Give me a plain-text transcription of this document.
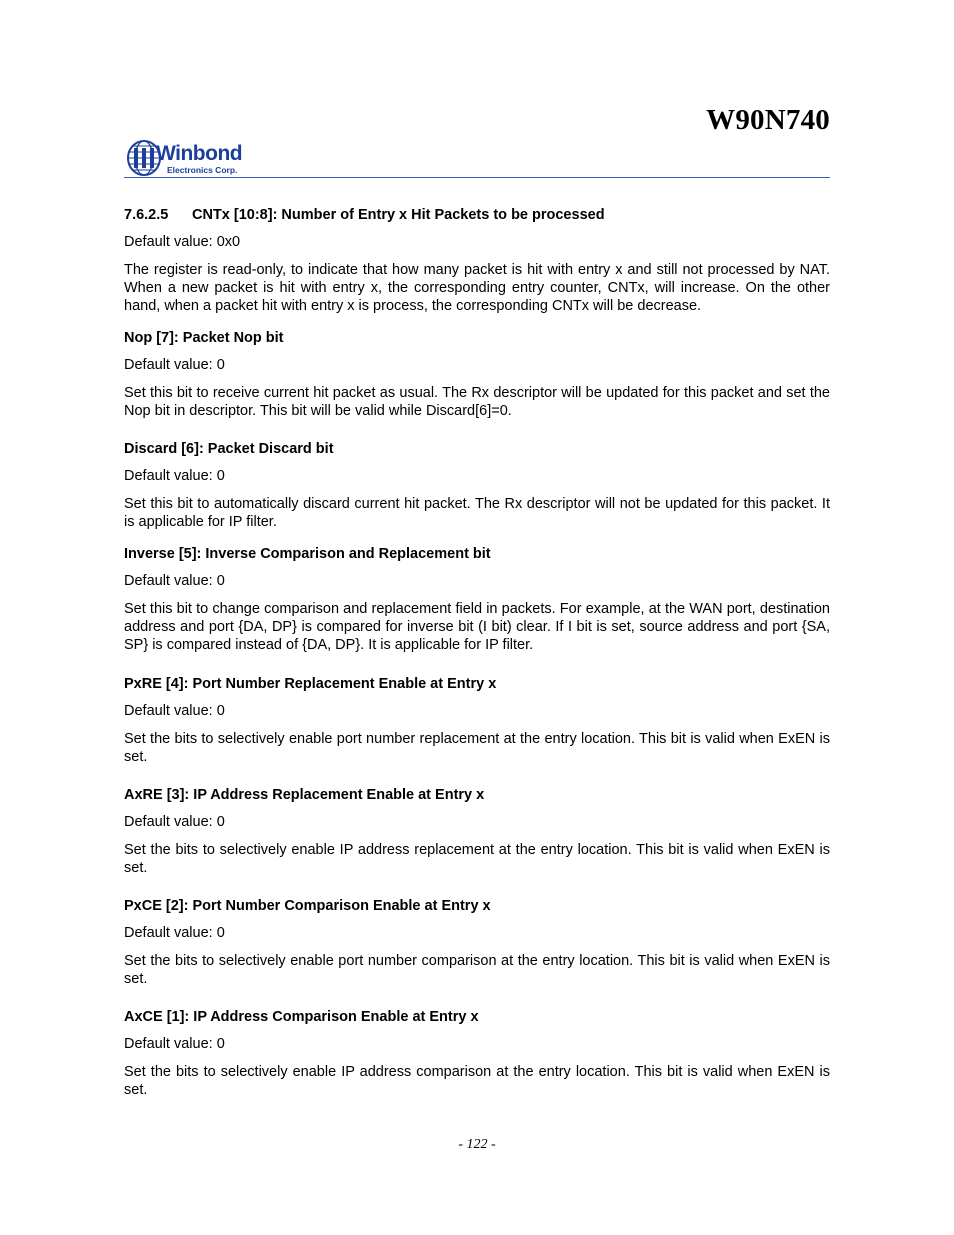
W90N740
Winbond
Electronics Corp.

7.6.2.5 CNTx [10:8]: Number of Entry x Hit Packets to be processed

Default value: 0x0

The register is read-only, to indicate that how many packet is hit with entry x and still not processed by NAT. When a new packet is hit with entry x, the corresponding entry counter, CNTx, will increase. On the other hand, when a packet hit with entry x is process, the corresponding CNTx will be decrease.

Nop [7]: Packet Nop bit

Default value: 0

Set this bit to receive current hit packet as usual. The Rx descriptor will be updated for this packet and set the Nop bit in descriptor. This bit will be valid while Discard[6]=0.

Discard [6]: Packet Discard bit

Default value: 0

Set this bit to automatically discard current hit packet. The Rx descriptor will not be updated for this packet. It is applicable for IP filter.

Inverse [5]: Inverse Comparison and Replacement bit

Default value: 0

Set this bit to change comparison and replacement field in packets. For example, at the WAN port, destination address and port {DA, DP} is compared for inverse bit (I bit) clear. If I bit is set, source address and port {SA, SP} is compared instead of {DA, DP}. It is applicable for IP filter.

PxRE [4]: Port Number Replacement Enable at Entry x

Default value: 0

Set the bits to selectively enable port number replacement at the entry location. This bit is valid when ExEN is set.

AxRE [3]: IP Address Replacement Enable at Entry x

Default value: 0

Set the bits to selectively enable IP address replacement at the entry location. This bit is valid when ExEN is set.

PxCE [2]: Port Number Comparison Enable at Entry x

Default value: 0

Set the bits to selectively enable port number comparison at the entry location. This bit is valid when ExEN is set.

AxCE [1]: IP Address Comparison Enable at Entry x

Default value: 0

Set the bits to selectively enable IP address comparison at the entry location. This bit is valid when ExEN is set.

- 122 -
